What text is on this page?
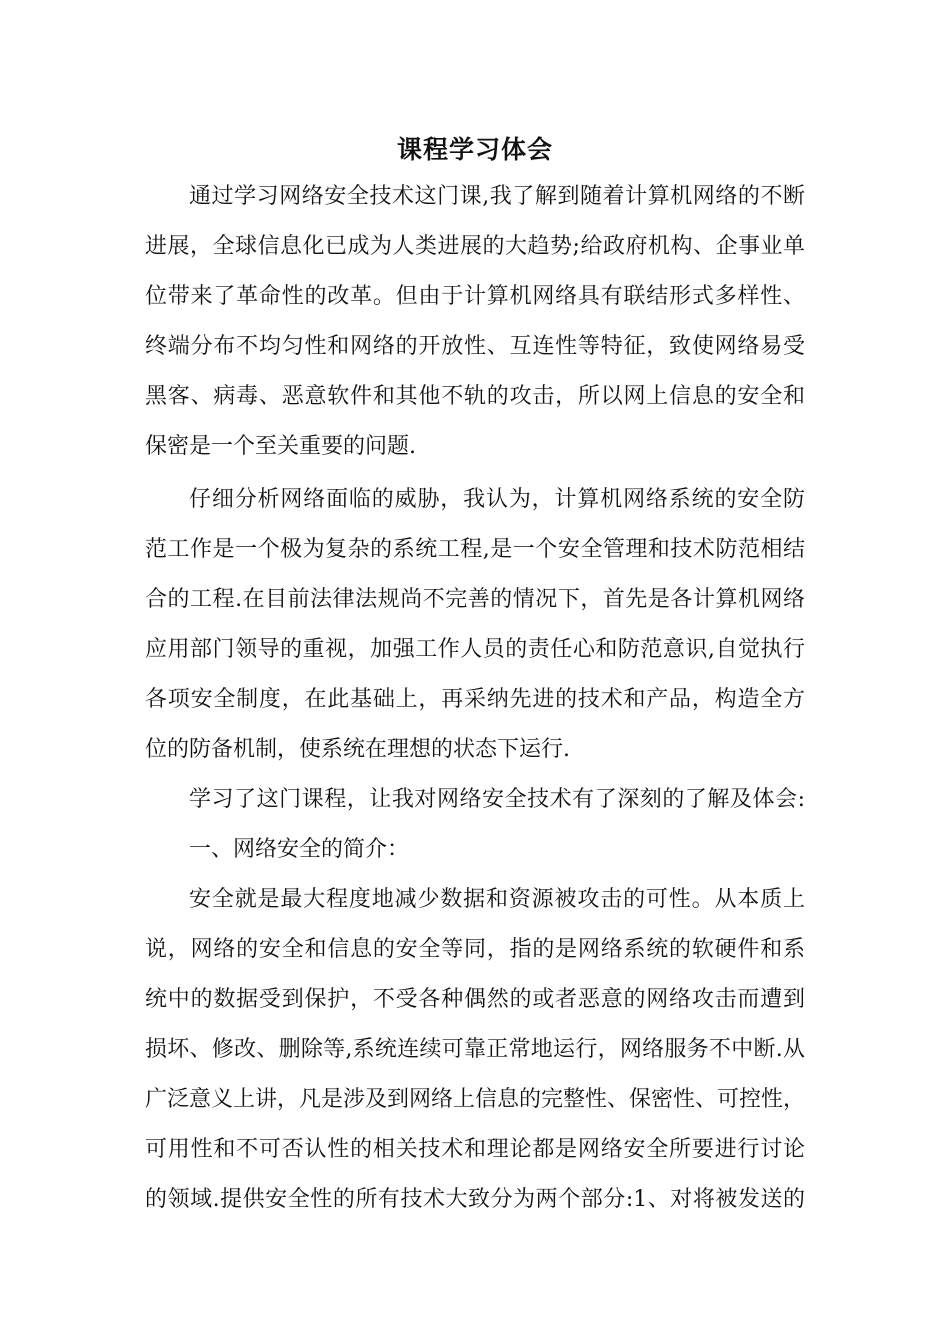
课程学习体会
通过学习网络安全技术这门课,我了解到随着计算机网络的不断
进展，全球信息化已成为人类进展的大趋势;给政府机构、企事业单
位带来了革命性的改革。但由于计算机网络具有联结形式多样性、
终端分布不均匀性和网络的开放性、互连性等特征，致使网络易受
黑客、病毒、恶意软件和其他不轨的攻击，所以网上信息的安全和
保密是一个至关重要的问题.
仔细分析网络面临的威胁，我认为，计算机网络系统的安全防
范工作是一个极为复杂的系统工程,是一个安全管理和技术防范相结
合的工程.在目前法律法规尚不完善的情况下，首先是各计算机网络
应用部门领导的重视，加强工作人员的责任心和防范意识,自觉执行
各项安全制度，在此基础上，再采纳先进的技术和产品，构造全方
位的防备机制，使系统在理想的状态下运行.
学习了这门课程，让我对网络安全技术有了深刻的了解及体会:
一、网络安全的简介：
安全就是最大程度地减少数据和资源被攻击的可性。从本质上
说，网络的安全和信息的安全等同，指的是网络系统的软硬件和系
统中的数据受到保护，不受各种偶然的或者恶意的网络攻击而遭到
损坏、修改、删除等,系统连续可靠正常地运行，网络服务不中断.从
广泛意义上讲，凡是涉及到网络上信息的完整性、保密性、可控性，
可用性和不可否认性的相关技术和理论都是网络安全所要进行讨论
的领域.提供安全性的所有技术大致分为两个部分:1、对将被发送的
